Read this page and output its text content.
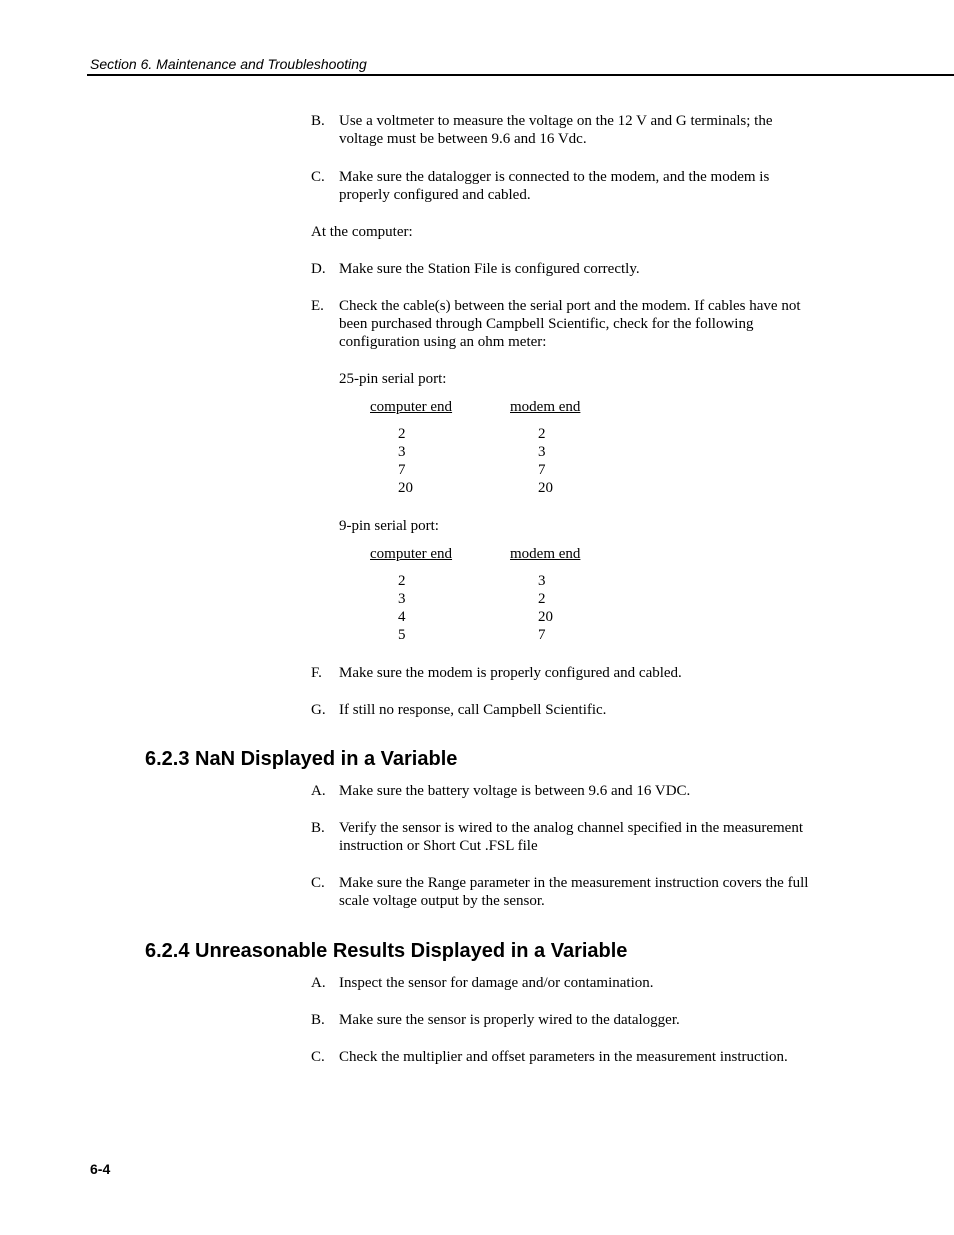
Section 6. Maintenance and Troubleshooting
B. Use a voltmeter to measure the voltage on the 12 V and G terminals; the voltage must be between 9.6 and 16 Vdc.
C. Make sure the datalogger is connected to the modem, and the modem is properly configured and cabled.
At the computer:
D. Make sure the Station File is configured correctly.
E. Check the cable(s) between the serial port and the modem. If cables have not been purchased through Campbell Scientific, check for the following configuration using an ohm meter:
25-pin serial port:
computer end	modem end
2	2
3	3
7	7
20	20
9-pin serial port:
computer end	modem end
2	3
3	2
4	20
5	7
F. Make sure the modem is properly configured and cabled.
G. If still no response, call Campbell Scientific.
6.2.3 NaN Displayed in a Variable
A. Make sure the battery voltage is between 9.6 and 16 VDC.
B. Verify the sensor is wired to the analog channel specified in the measurement instruction or Short Cut .FSL file
C. Make sure the Range parameter in the measurement instruction covers the full scale voltage output by the sensor.
6.2.4 Unreasonable Results Displayed in a Variable
A. Inspect the sensor for damage and/or contamination.
B. Make sure the sensor is properly wired to the datalogger.
C. Check the multiplier and offset parameters in the measurement instruction.
6-4
